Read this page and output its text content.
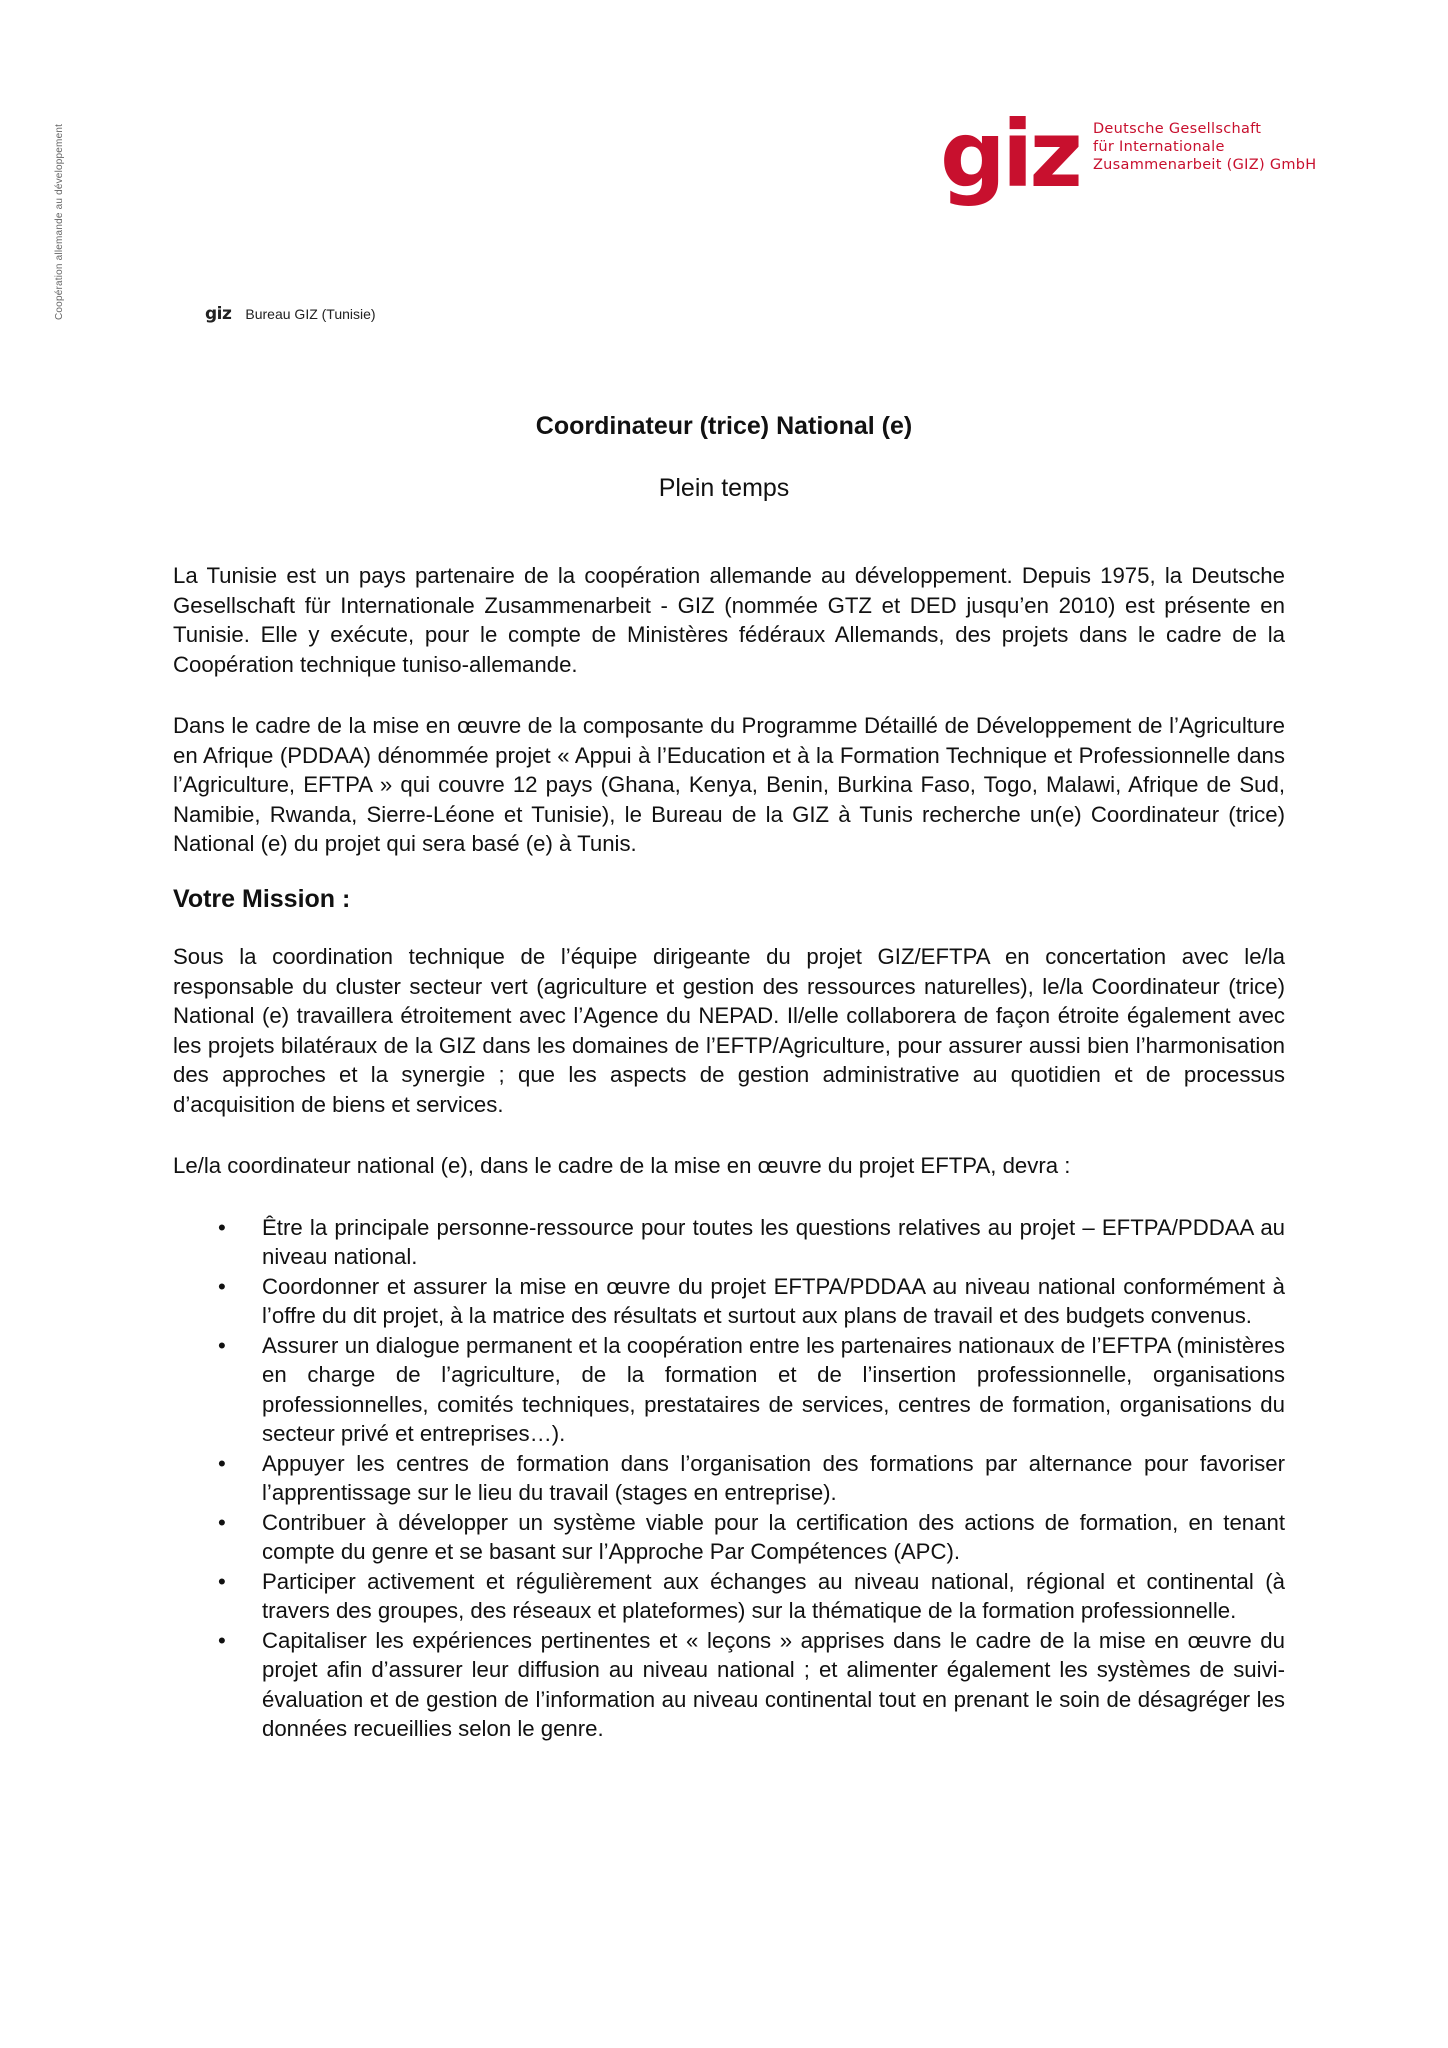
Coopération allemande au développement	giz Deutsche Gesellschaft
für Internationale
Zusammenarbeit (GIZ) GmbH
giz Bureau GIZ (Tunisie)
Coordinateur (trice) National (e)
Plein temps

La Tunisie est un pays partenaire de la coopération allemande au développement. Depuis 1975, la Deutsche Gesellschaft für Internationale Zusammenarbeit - GIZ (nommée GTZ et DED jusqu’en 2010) est présente en Tunisie. Elle y exécute, pour le compte de Ministères fédéraux Allemands, des projets dans le cadre de la Coopération technique tuniso-allemande.

Dans le cadre de la mise en œuvre de la composante du Programme Détaillé de Développement de l’Agriculture en Afrique (PDDAA) dénommée projet « Appui à l’Education et à la Formation Technique et Professionnelle dans l’Agriculture, EFTPA » qui couvre 12 pays (Ghana, Kenya, Benin, Burkina Faso, Togo, Malawi, Afrique de Sud, Namibie, Rwanda, Sierre-Léone et Tunisie), le Bureau de la GIZ à Tunis recherche un(e) Coordinateur (trice) National (e) du projet qui sera basé (e) à Tunis.

Votre Mission :

Sous la coordination technique de l’équipe dirigeante du projet GIZ/EFTPA en concertation avec le/la responsable du cluster secteur vert (agriculture et gestion des ressources naturelles), le/la Coordinateur (trice) National (e) travaillera étroitement avec l’Agence du NEPAD. Il/elle collaborera de façon étroite également avec les projets bilatéraux de la GIZ dans les domaines de l’EFTP/Agriculture, pour assurer aussi bien l’harmonisation des approches et la synergie ; que les aspects de gestion administrative au quotidien et de processus d’acquisition de biens et services.

Le/la coordinateur national (e), dans le cadre de la mise en œuvre du projet EFTPA, devra :

• Être la principale personne-ressource pour toutes les questions relatives au projet – EFTPA/PDDAA au niveau national.
• Coordonner et assurer la mise en œuvre du projet EFTPA/PDDAA au niveau national conformément à l’offre du dit projet, à la matrice des résultats et surtout aux plans de travail et des budgets convenus.
• Assurer un dialogue permanent et la coopération entre les partenaires nationaux de l’EFTPA (ministères en charge de l’agriculture, de la formation et de l’insertion professionnelle, organisations professionnelles, comités techniques, prestataires de services, centres de formation, organisations du secteur privé et entreprises…).
• Appuyer les centres de formation dans l’organisation des formations par alternance pour favoriser l’apprentissage sur le lieu du travail (stages en entreprise).
• Contribuer à développer un système viable pour la certification des actions de formation, en tenant compte du genre et se basant sur l’Approche Par Compétences (APC).
• Participer activement et régulièrement aux échanges au niveau national, régional et continental (à travers des groupes, des réseaux et plateformes) sur la thématique de la formation professionnelle.
• Capitaliser les expériences pertinentes et « leçons » apprises dans le cadre de la mise en œuvre du projet afin d’assurer leur diffusion au niveau national ; et alimenter également les systèmes de suivi-évaluation et de gestion de l’information au niveau continental tout en prenant le soin de désagréger les données recueillies selon le genre.
